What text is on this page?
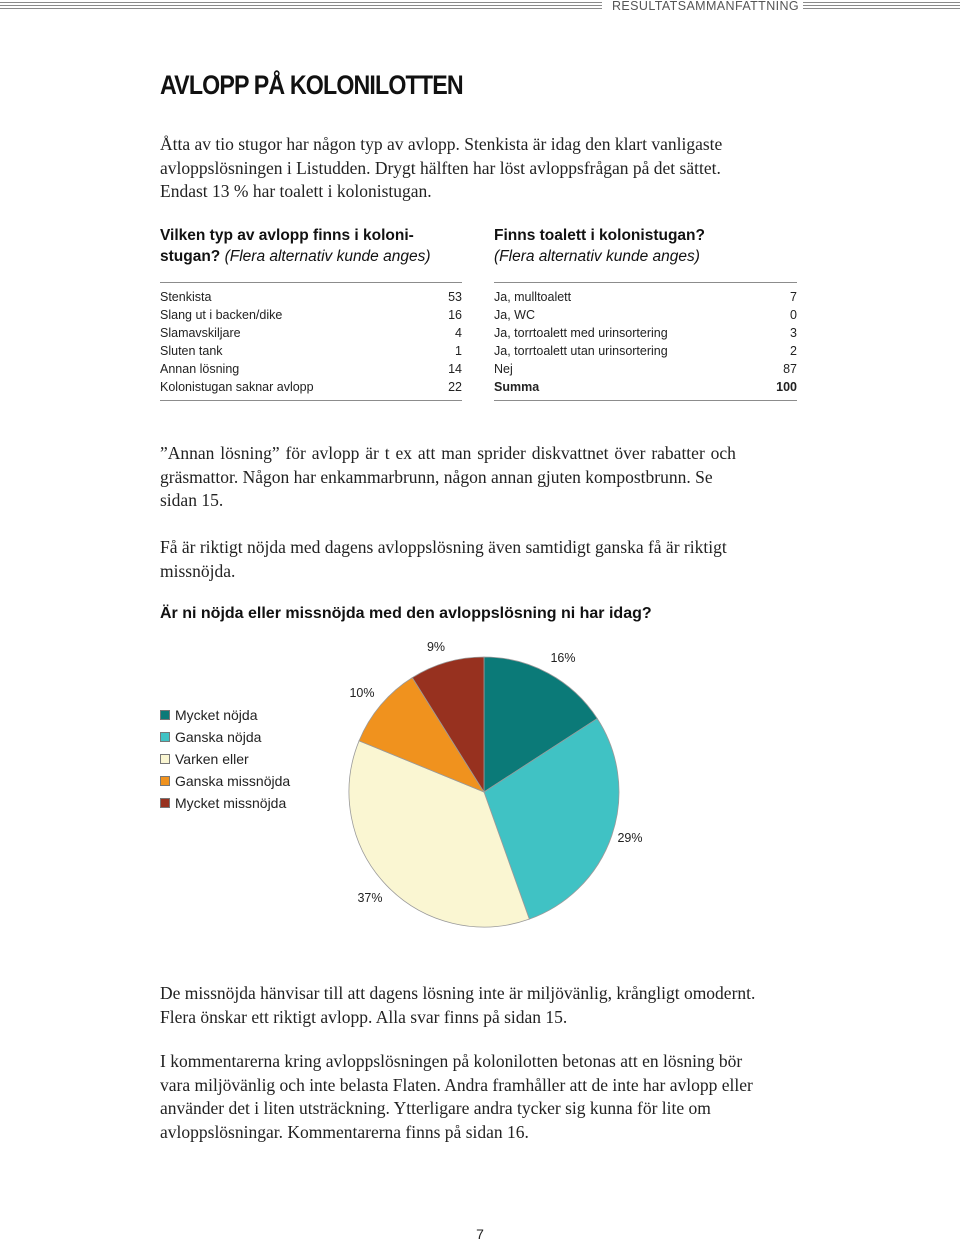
RESULTATSAMMANFATTNING
AVLOPP PÅ KOLONILOTTEN
Åtta av tio stugor har någon typ av avlopp. Stenkista är idag den klart vanligaste
avloppslösningen i Listudden. Drygt hälften har löst avloppsfrågan på det sättet.
Endast 13 % har toalett i kolonistugan.
Vilken typ av avlopp finns i koloni-
stugan? (Flera alternativ kunde anges)
Finns toalett i kolonistugan?
(Flera alternativ kunde anges)
Stenkista	53
Slang ut i backen/dike	16
Slamavskiljare	4
Sluten tank	1
Annan lösning	14
Kolonistugan saknar avlopp	22
Ja, mulltoalett	7
Ja, WC	0
Ja, torrtoalett med urinsortering	3
Ja, torrtoalett utan urinsortering	2
Nej	87
Summa	100
”Annan lösning” för avlopp är t ex att man sprider diskvattnet över rabatter och
gräsmattor. Någon har enkammarbrunn, någon annan gjuten kompostbrunn. Se
sidan 15.
Få är riktigt nöjda med dagens avloppslösning även samtidigt ganska få är riktigt
missnöjda.
Är ni nöjda eller missnöjda med den avloppslösning ni har idag?
Mycket nöjda
Ganska nöjda
Varken eller
Ganska missnöjda
Mycket missnöjda
16%
29%
37%
10%
9%
De missnöjda hänvisar till att dagens lösning inte är miljövänlig, krångligt omodernt.
Flera önskar ett riktigt avlopp. Alla svar finns på sidan 15.
I kommentarerna kring avloppslösningen på kolonilotten betonas att en lösning bör
vara miljövänlig och inte belasta Flaten. Andra framhåller att de inte har avlopp eller
använder det i liten utsträckning. Ytterligare andra tycker sig kunna för lite om
avloppslösningar. Kommentarerna finns på sidan 16.
7
